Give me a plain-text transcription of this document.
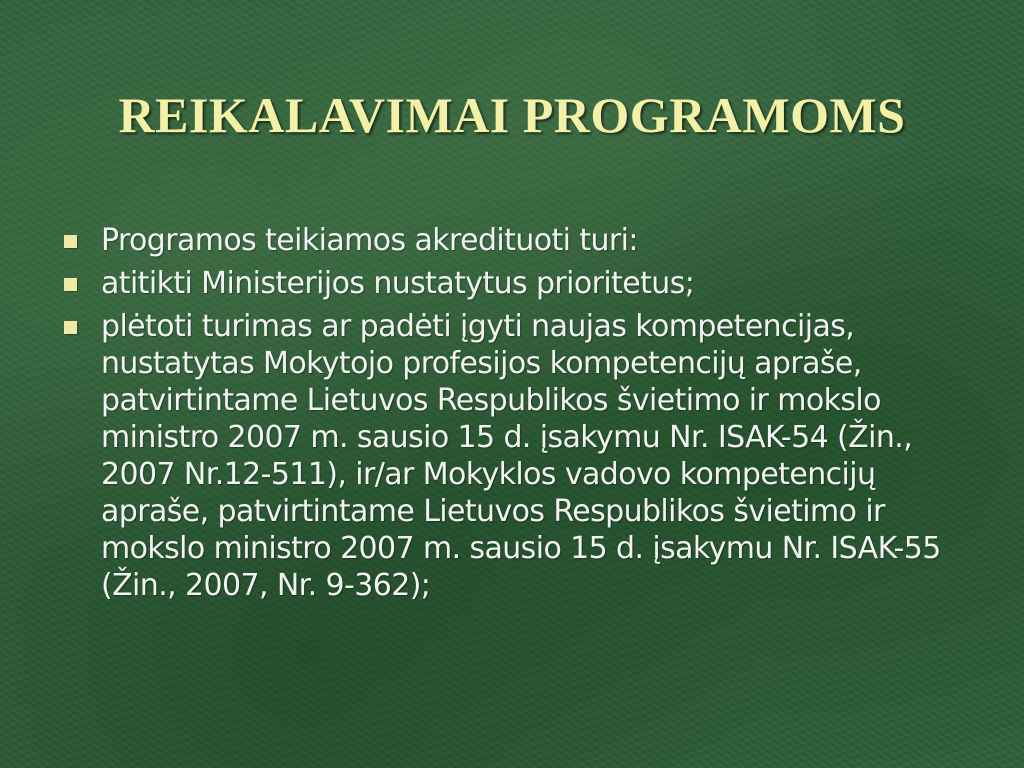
REIKALAVIMAI PROGRAMOMS
Programos teikiamos akredituoti turi:
atitikti Ministerijos nustatytus prioritetus;
plėtoti turimas ar padėti įgyti naujas kompetencijas, nustatytas Mokytojo profesijos kompetencijų apraše, patvirtintame Lietuvos Respublikos švietimo ir mokslo ministro 2007 m. sausio 15 d. įsakymu Nr. ISAK-54 (Žin., 2007 Nr.12-511), ir/ar Mokyklos vadovo kompetencijų apraše, patvirtintame Lietuvos Respublikos švietimo ir mokslo ministro 2007 m. sausio 15 d. įsakymu Nr. ISAK-55 (Žin., 2007, Nr. 9-362);
